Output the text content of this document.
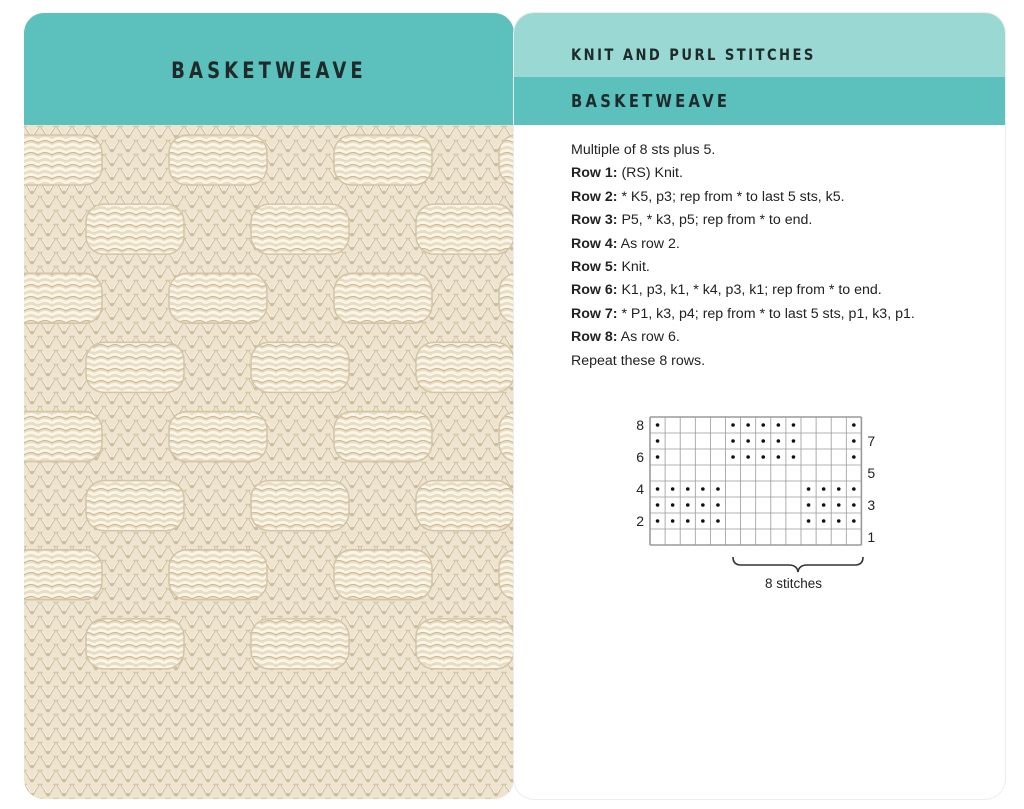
BASKETWEAVE
KNIT AND PURL STITCHES
BASKETWEAVE
Multiple of 8 sts plus 5.
Row 1: (RS) Knit.
Row 2: * K5, p3; rep from * to last 5 sts, k5.
Row 3: P5, * k3, p5; rep from * to end.
Row 4: As row 2.
Row 5: Knit.
Row 6: K1, p3, k1, * k4, p3, k1; rep from * to end.
Row 7: * P1, k3, p4; rep from * to last 5 sts, p1, k3, p1.
Row 8: As row 6.
Repeat these 8 rows.
8
6
4
2
7
5
3
1
8 stitches
